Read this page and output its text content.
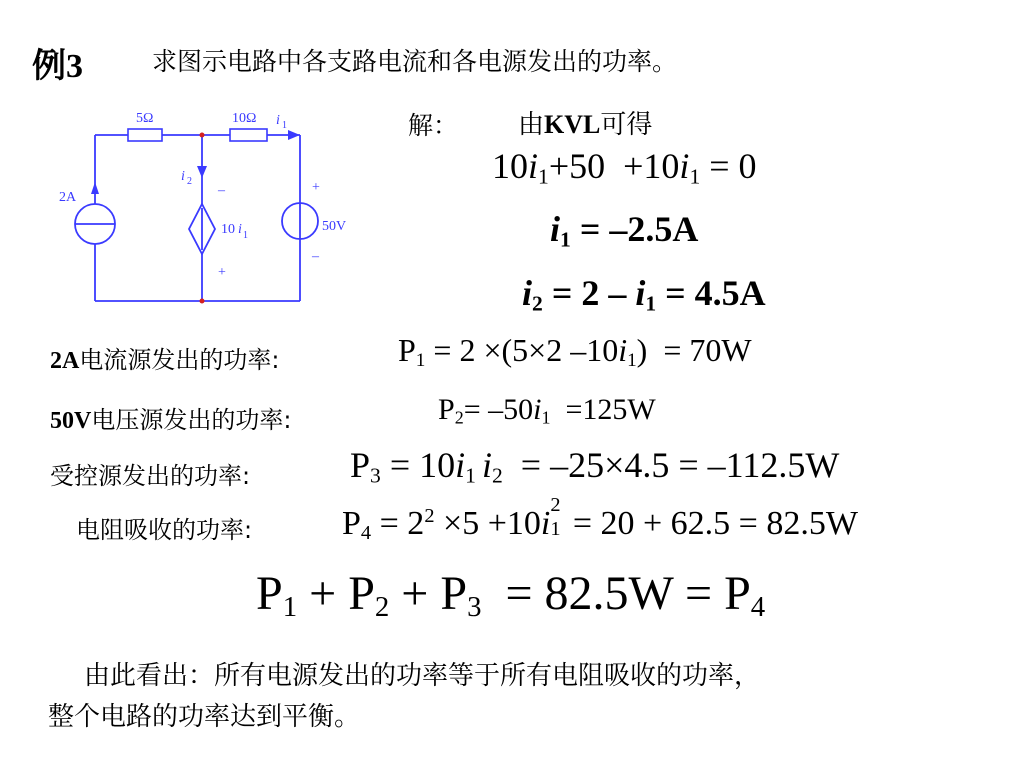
例3	求图示电路中各支路电流和各电源发出的功率。
5Ω	10Ω i 1
i 2
2A	–
10 i 1
+
+
50V
–
解： 由KVL可得
$10i_1+50 +10i_1 = 0$
$i_1 = -2.5A$
$i_2 = 2 - i_1 = 4.5A$
2A电流源发出的功率:	$P_1 = 2 \times(5\times 2$ $-10i_1) = 70W$
50V电压源发出的功率:	$P_2= -50i_1 =125W$
受控源发出的功率:	$P_3 = 10i_1$ $i_2 = -25\times 4.5 = -112.5W$
电阻吸收的功率:	$P_4 = 2^2 \times 5 +10i$ 2
1 = 20 + 62.5 = 82.5W
$P_1 + P_2 + P_3 = 82.5W = P_4$
由此看出：所有电源发出的功率等于所有电阻吸收的功率，
整个电路的功率达到平衡。
